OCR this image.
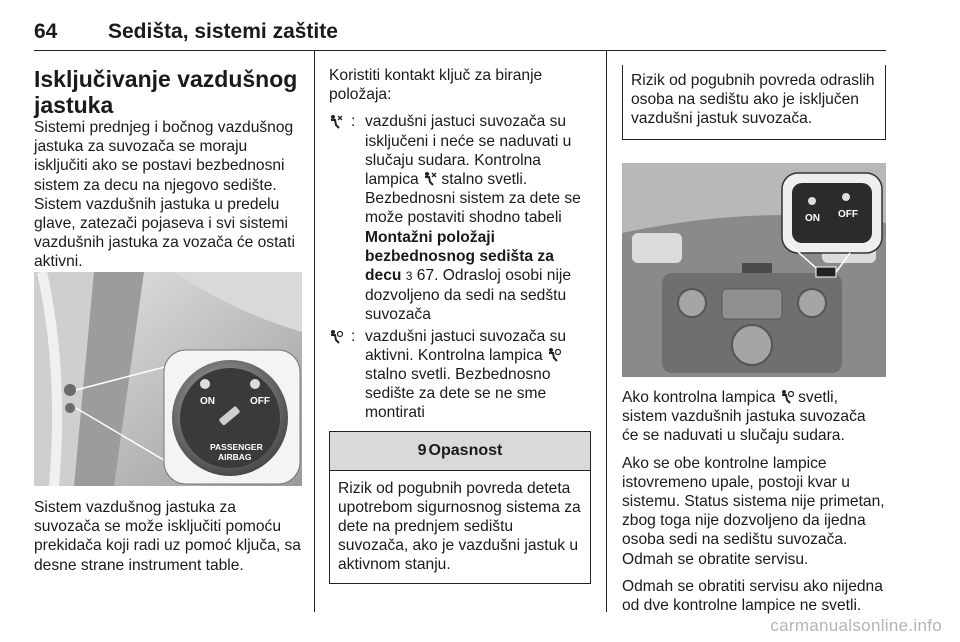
64 Sedišta, sistemi zaštite
Isključivanje vazdušnog jastuka

Sistemi prednjeg i bočnog vazdušnog jastuka za suvozača se moraju isključiti ako se postavi bezbednosni sistem za decu na njegovo sedište. Sistem vazdušnih jastuka u predelu glave, zatezači pojaseva i svi sistemi vazdušnih jastuka za vozača će ostati aktivni.

ON	OFF
PASSENGER
AIRBAG

Sistem vazdušnog jastuka za suvozača se može isključiti pomoću prekidača koji radi uz pomoć ključa, sa desne strane instrument table.

Koristiti kontakt ključ za biranje položaja:

: vazdušni jastuci suvozača su isključeni i neće se naduvati u slučaju sudara. Kontrolna lampica stalno svetli. Bezbednosni sistem za dete se može postaviti shodno tabeli Montažni položaji bezbednosnog sedišta za decu 3 67. Odrasloj osobi nije dozvoljeno da sedi na sedštu suvozača
: vazdušni jastuci suvozača su aktivni. Kontrolna lampica  stalno svetli. Bezbednosno sedište za dete se ne sme montirati
9 Opasnost
Rizik od pogubnih povreda deteta upotrebom sigurnosnog sistema za dete na prednjem sedištu suvozača, ako je vazdušni jastuk u aktivnom stanju.
Rizik od pogubnih povreda odraslih osoba na sedištu ako je isključen vazdušni jastuk suvozača.
ON OFF

Ako kontrolna lampica svetli, sistem vazdušnih jastuka suvozača će se naduvati u slučaju sudara.

Ako se obe kontrolne lampice istovremeno upale, postoji kvar u sistemu. Status sistema nije primetan, zbog toga nije dozvoljeno da ijedna osoba sedi na sedištu suvozača. Odmah se obratite servisu.

Odmah se obratiti servisu ako nijedna od dve kontrolne lampice ne svetli.

carmanualsonline.info
